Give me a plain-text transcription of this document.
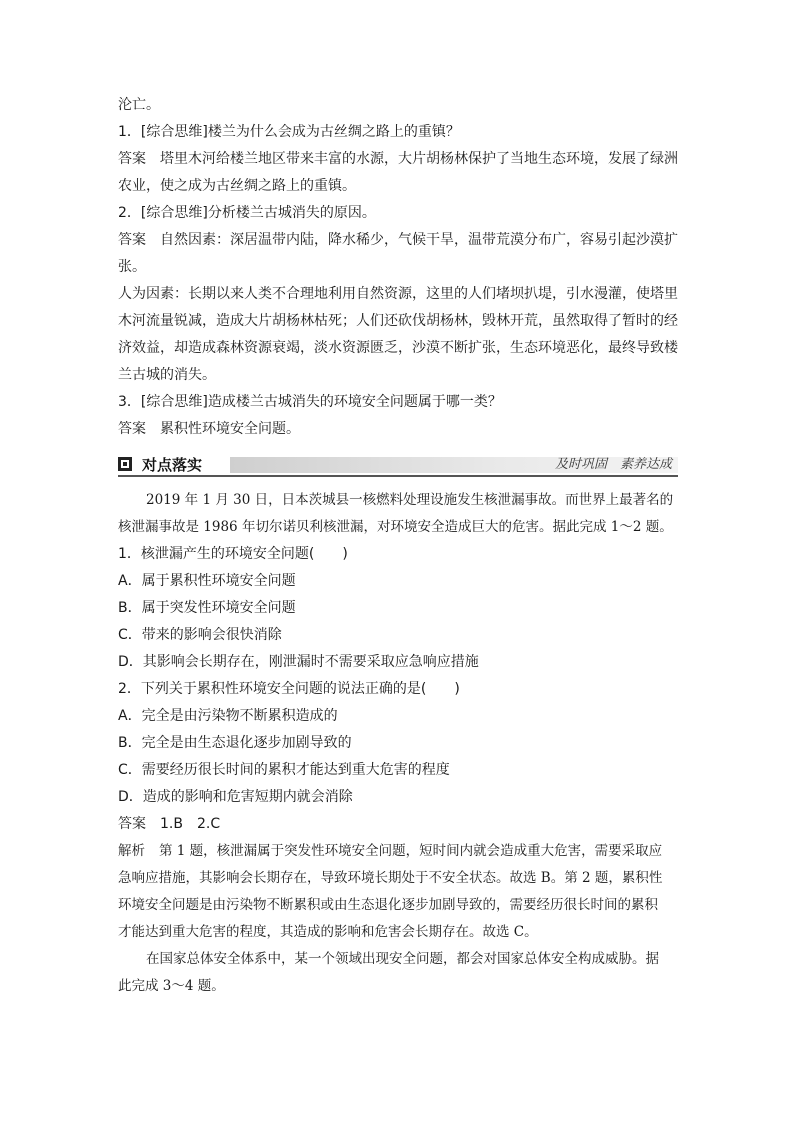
沦亡。

1．[综合思维]楼兰为什么会成为古丝绸之路上的重镇？

答案 塔里木河给楼兰地区带来丰富的水源，大片胡杨林保护了当地生态环境，发展了绿洲

农业，使之成为古丝绸之路上的重镇。

2．[综合思维]分析楼兰古城消失的原因。

答案 自然因素：深居温带内陆，降水稀少，气候干旱，温带荒漠分布广，容易引起沙漠扩

张。

人为因素：长期以来人类不合理地利用自然资源，这里的人们堵坝扒堤，引水漫灌，使塔里

木河流量锐减，造成大片胡杨林枯死；人们还砍伐胡杨林，毁林开荒，虽然取得了暂时的经

济效益，却造成森林资源衰竭，淡水资源匮乏，沙漠不断扩张，生态环境恶化，最终导致楼

兰古城的消失。

3．[综合思维]造成楼兰古城消失的环境安全问题属于哪一类？

答案 累积性环境安全问题。

对点落实	及时巩固　素养达成

2019 年 1 月 30 日，日本茨城县一核燃料处理设施发生核泄漏事故。而世界上最著名的

核泄漏事故是 1986 年切尔诺贝利核泄漏，对环境安全造成巨大的危害。据此完成 1～2 题。

1．核泄漏产生的环境安全问题(　　)

A．属于累积性环境安全问题

B．属于突发性环境安全问题

C．带来的影响会很快消除

D．其影响会长期存在，刚泄漏时不需要采取应急响应措施

2．下列关于累积性环境安全问题的说法正确的是(　　)

A．完全是由污染物不断累积造成的

B．完全是由生态退化逐步加剧导致的

C．需要经历很长时间的累积才能达到重大危害的程度

D．造成的影响和危害短期内就会消除

答案 1.B　2.C

解析 第 1 题，核泄漏属于突发性环境安全问题，短时间内就会造成重大危害，需要采取应

急响应措施，其影响会长期存在，导致环境长期处于不安全状态。故选 B。第 2 题，累积性

环境安全问题是由污染物不断累积或由生态退化逐步加剧导致的，需要经历很长时间的累积

才能达到重大危害的程度，其造成的影响和危害会长期存在。故选 C。

在国家总体安全体系中，某一个领域出现安全问题，都会对国家总体安全构成威胁。据

此完成 3～4 题。
